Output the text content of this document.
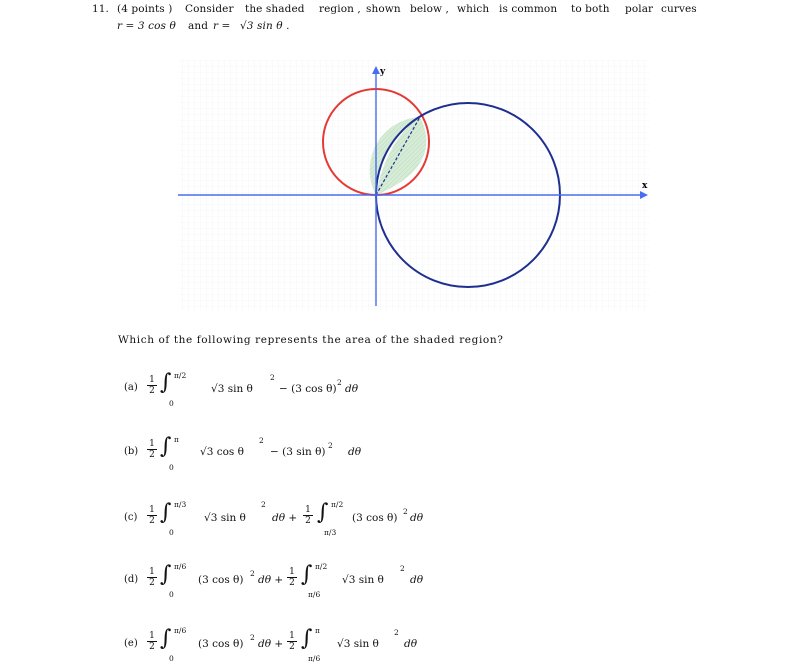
11. (4 points ) Consider the shaded region , shown below , which is common to both polar curves
r = 3 cos θ and r = √3 sin θ .
x
y
Which of the following represents the area of the shaded region?
$(a) \frac{1}{2}$ ∫ π/2
0
√3 sin θ
2
− (3 cos θ)
2
dθ
$(b) \frac{1}{2}$ ∫ π
0
√3 cos θ
2
− (3 sin θ)
2
dθ
$(c) \frac{1}{2}$ ∫ π/3
0
√3 sin θ
2
$d\theta + \frac{1}{2}$ ∫ π/2
π/3
(3 cos θ)
2
dθ
$(d) \frac{1}{2}$ ∫ π/6
0
(3 cos θ)
2
$d\theta + \frac{1}{2}$ ∫ π/2
π/6
√3 sin θ
2
dθ
$(e) \frac{1}{2}$ ∫ π/6
0
(3 cos θ)
2
$d\theta + \frac{1}{2}$ ∫ π
π/6
√3 sin θ
2
dθ
